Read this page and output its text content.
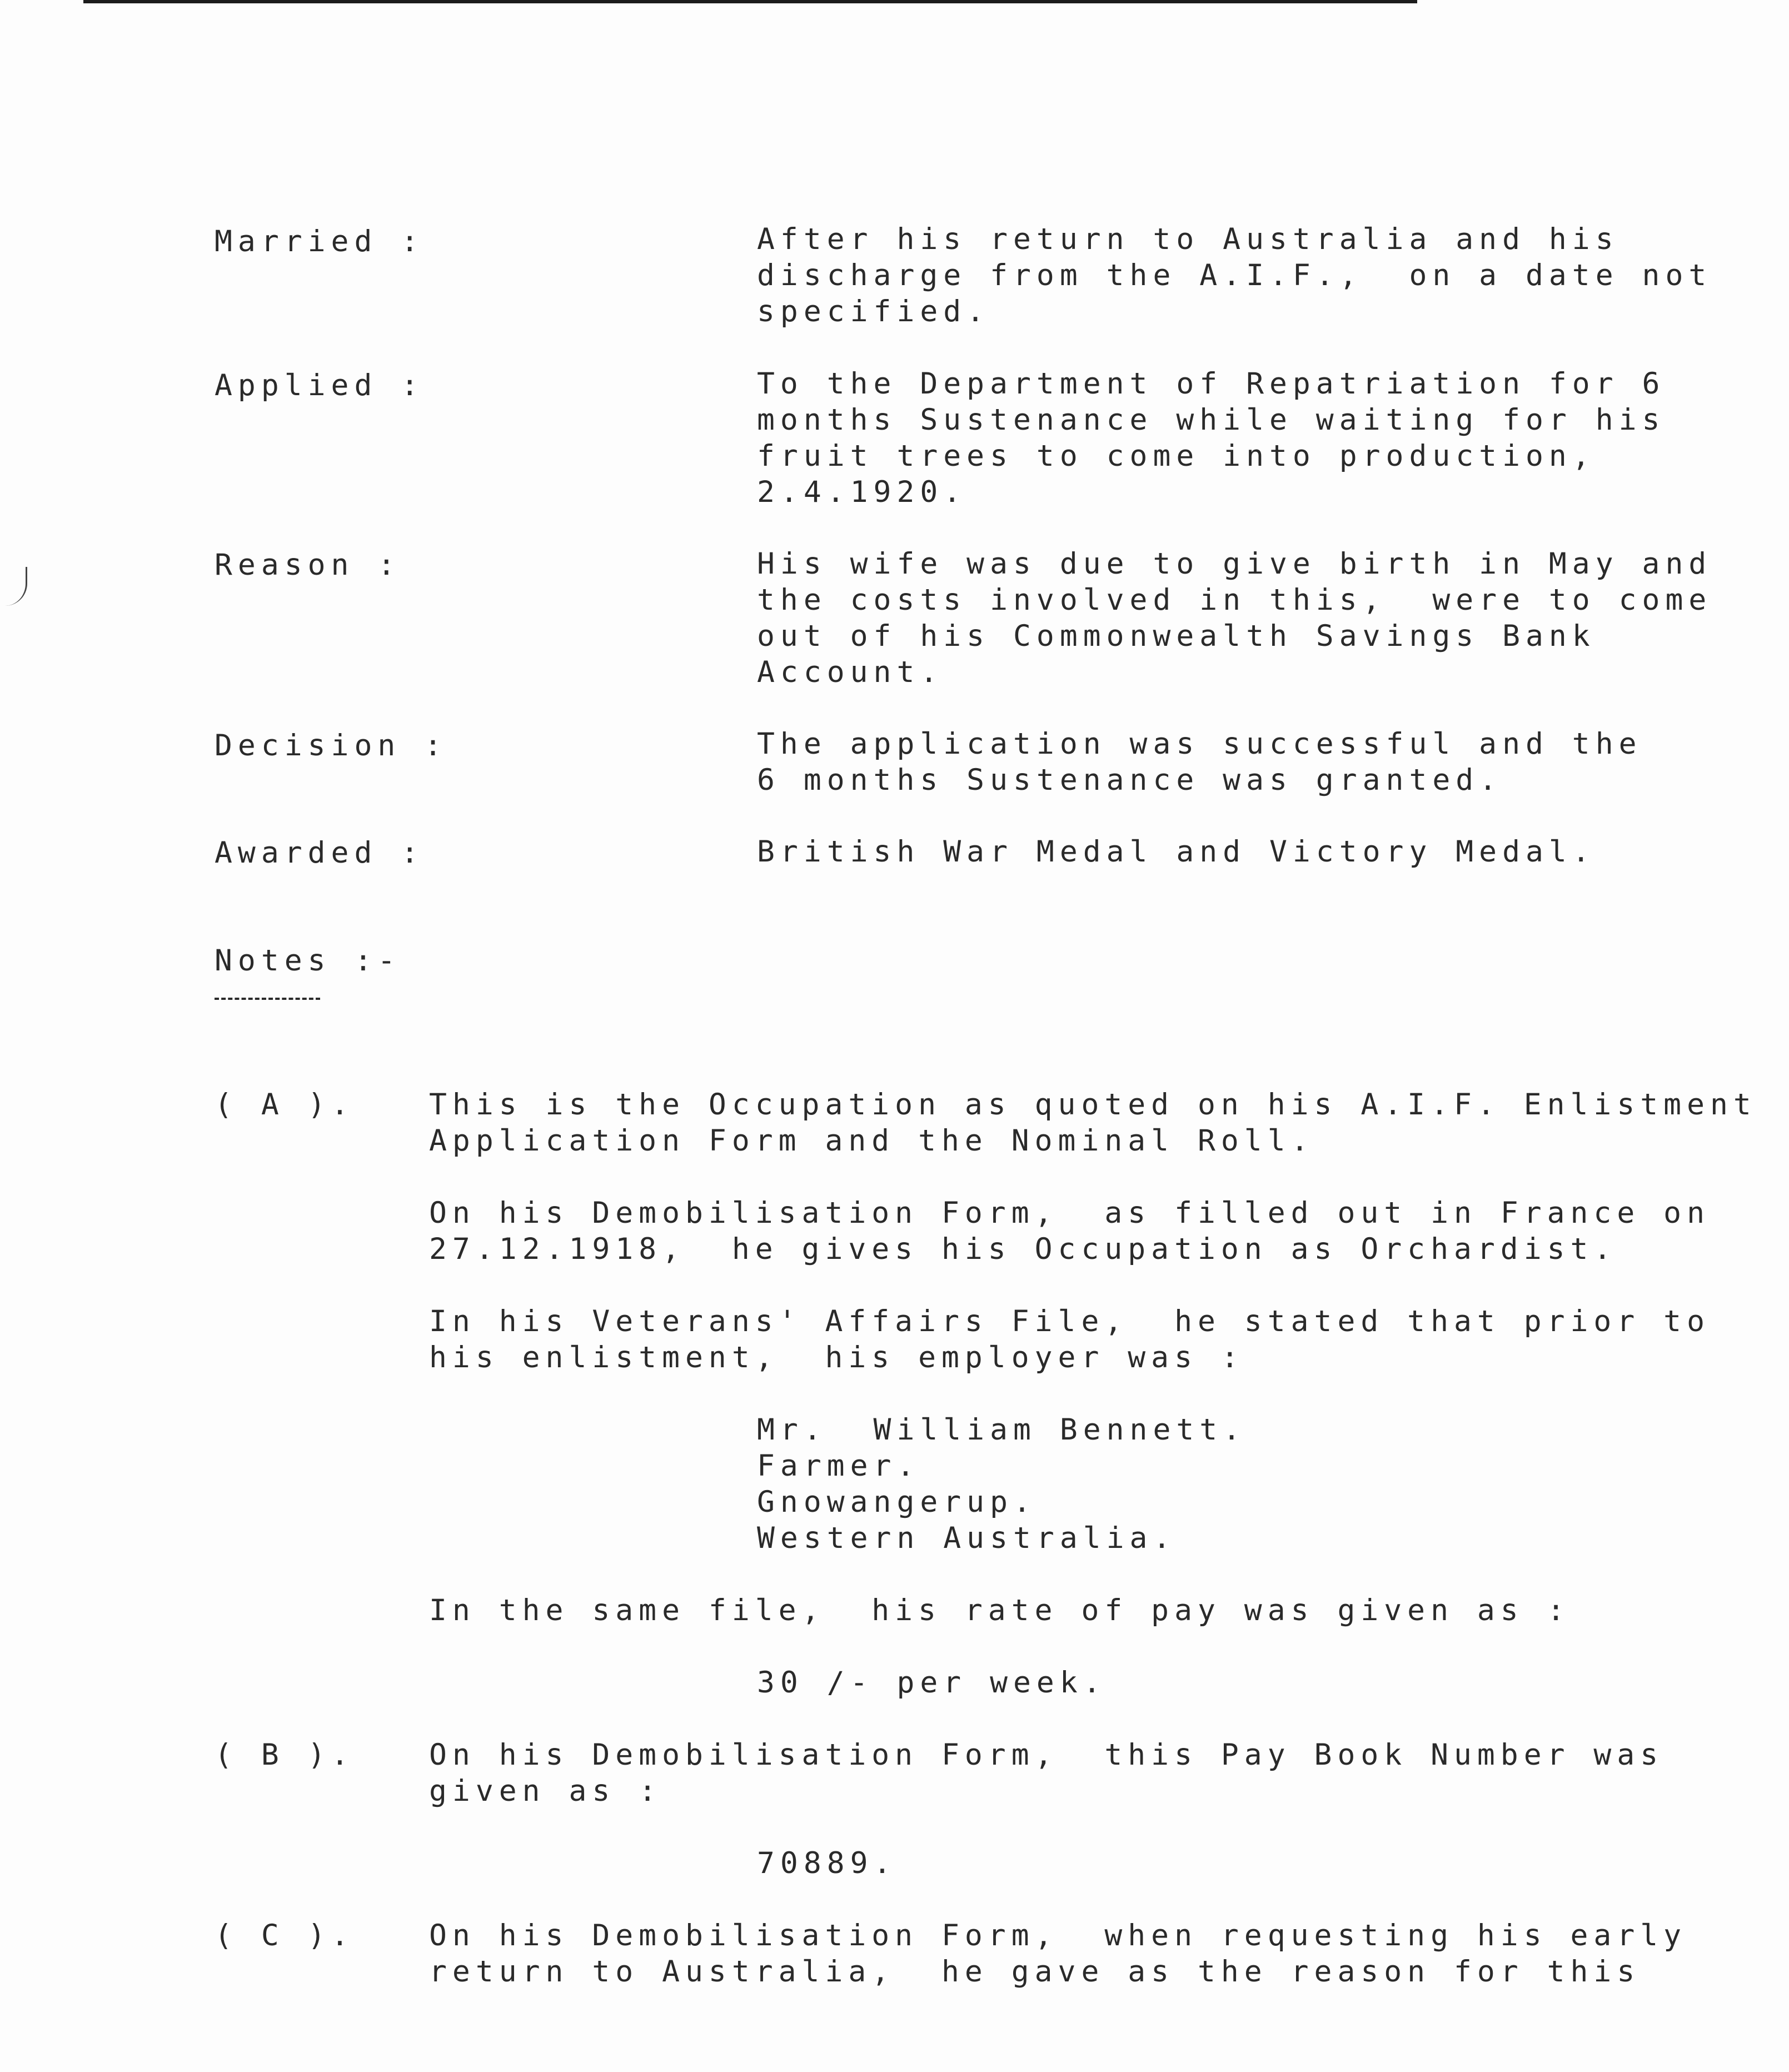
Married :	After his return to Australia and his
discharge from the A.I.F.,  on a date not
specified.
Applied :	To the Department of Repatriation for 6
months Sustenance while waiting for his
fruit trees to come into production,
2.4.1920.
Reason :	His wife was due to give birth in May and
the costs involved in this,  were to come
out of his Commonwealth Savings Bank
Account.
Decision :	The application was successful and the
6 months Sustenance was granted.
Awarded :	British War Medal and Victory Medal.
Notes :-
( A ).	This is the Occupation as quoted on his A.I.F. Enlistment
Application Form and the Nominal Roll.
On his Demobilisation Form,  as filled out in France on
27.12.1918,  he gives his Occupation as Orchardist.
In his Veterans' Affairs File,  he stated that prior to
his enlistment,  his employer was :
Mr.  William Bennett.
Farmer.
Gnowangerup.
Western Australia.
In the same file,  his rate of pay was given as :
30 /- per week.
( B ).	On his Demobilisation Form,  this Pay Book Number was
given as :
70889.
( C ).	On his Demobilisation Form,  when requesting his early
return to Australia,  he gave as the reason for this
